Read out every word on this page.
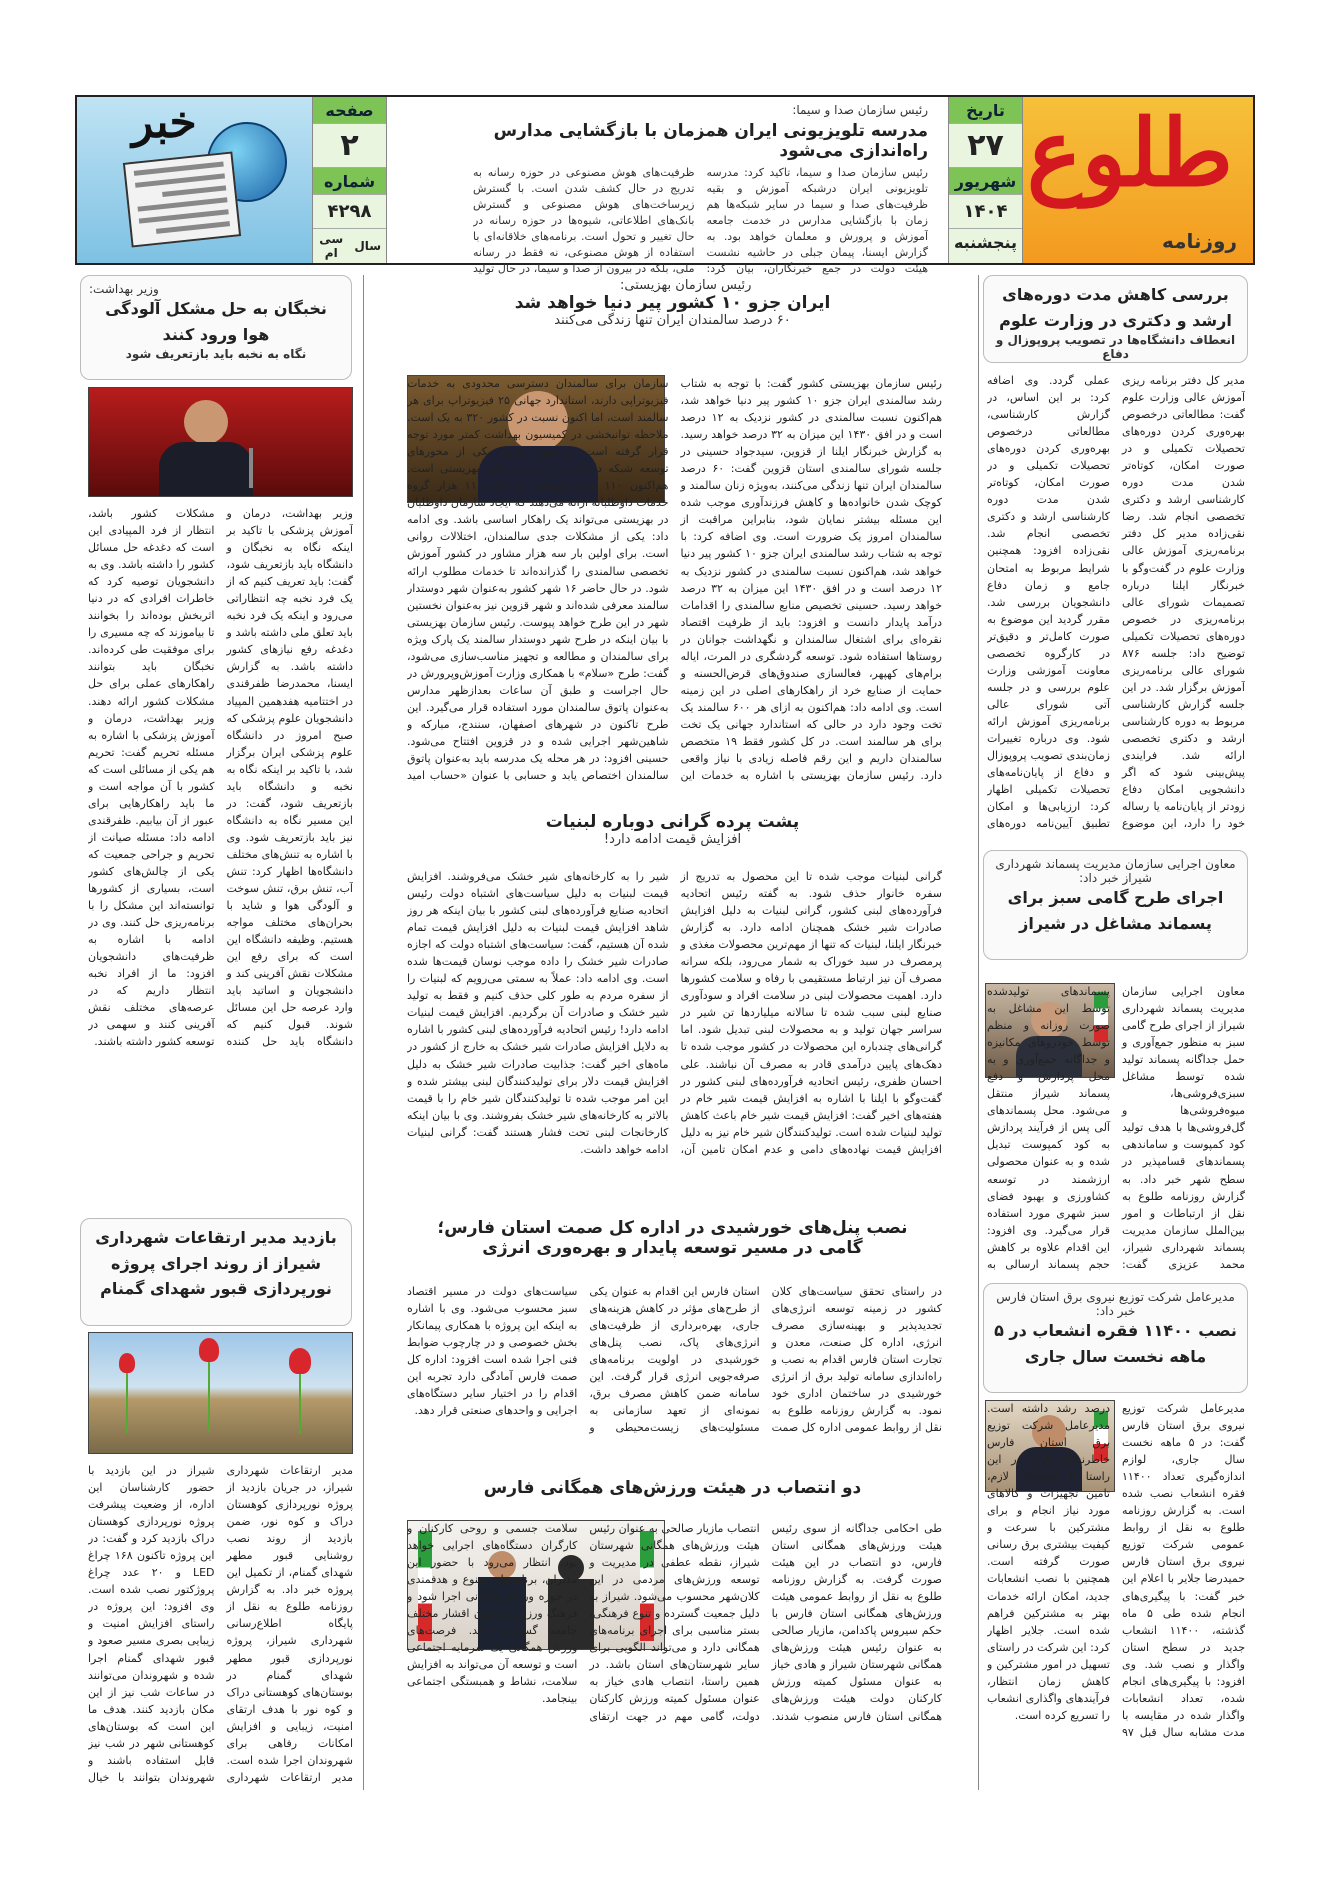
طلوع
روزنامه
تاریخ
۲۷
شهریور
۱۴۰۴
پنجشنبه
رئیس سازمان صدا و سیما:
مدرسه تلویزیونی ایران همزمان با بازگشایی مدارس راه‌اندازی می‌شود
رئیس سازمان صدا و سیما، تاکید کرد: مدرسه تلویزیونی ایران درشبکه آموزش و بقیه ظرفیت‌های صدا و سیما در سایر شبکه‌ها هم زمان با بازگشایی مدارس در خدمت جامعه آموزش و پرورش و معلمان خواهد بود. به گزارش ایسنا، پیمان جبلی در حاشیه نشست هیئت دولت در جمع خبرنگاران، بیان کرد: ظرفیت‌های هوش مصنوعی در حوزه رسانه به تدریج در حال کشف شدن است. با گسترش زیرساخت‌های هوش مصنوعی و گسترش بانک‌های اطلاعاتی، شیوه‌ها در حوزه رسانه در حال تغییر و تحول است. برنامه‌های خلاقانه‌ای با استفاده از هوش مصنوعی، نه فقط در رسانه ملی، بلکه در بیرون از صدا و سیما، در حال تولید
صفحه
۲
شماره
۴۲۹۸
سال
سی ام
خبر
بررسی کاهش مدت دوره‌های ارشد و دکتری در وزارت علوم
انعطاف دانشگاه‌ها در تصویب پروپوزال و دفاع
مدیر کل دفتر برنامه ریزی آموزش عالی وزارت علوم گفت: مطالعاتی درخصوص بهره‌وری کردن دوره‌های تحصیلات تکمیلی و در صورت امکان، کوتاه‌تر شدن مدت دوره کارشناسی ارشد و دکتری تخصصی انجام شد. رضا نقی‌زاده مدیر کل دفتر برنامه‌ریزی آموزش عالی وزارت علوم در گفت‌وگو با خبرنگار ایلنا درباره تصمیمات شورای عالی برنامه‌ریزی در خصوص دوره‌های تحصیلات تکمیلی توضیح داد: جلسه ۸۷۶ شورای عالی برنامه‌ریزی آموزش برگزار شد. در این جلسه گزارش کارشناسی مربوط به دوره کارشناسی ارشد و دکتری تخصصی ارائه شد. فرایندی پیش‌بینی شود که اگر دانشجویی امکان دفاع زودتر از پایان‌نامه یا رساله خود را دارد، این موضوع عملی گردد. وی اضافه کرد: بر این اساس، در گزارش کارشناسی، مطالعاتی درخصوص بهره‌وری کردن دوره‌های تحصیلات تکمیلی و در صورت امکان، کوتاه‌تر شدن مدت دوره کارشناسی ارشد و دکتری تخصصی انجام شد. نقی‌زاده افزود: همچنین شرایط مربوط به امتحان جامع و زمان دفاع دانشجویان بررسی شد. مقرر گردید این موضوع به صورت کامل‌تر و دقیق‌تر در کارگروه تخصصی معاونت آموزشی وزارت علوم بررسی و در جلسه آتی شورای عالی برنامه‌ریزی آموزش ارائه شود. وی درباره تغییرات زمان‌بندی تصویب پروپوزال و دفاع از پایان‌نامه‌های تحصیلات تکمیلی اظهار کرد: ارزیابی‌ها و امکان تطبیق آیین‌نامه دوره‌های
معاون اجرایی سازمان مدیریت پسماند شهرداری
شیراز خبر داد:
اجرای طرح گامی سبز برای پسماند مشاغل در شیراز
معاون اجرایی سازمان مدیریت پسماند شهرداری شیراز از اجرای طرح گامی سبز به منظور جمع‌آوری و حمل جداگانه پسماند تولید شده توسط مشاغل سبزی‌فروشی‌ها، میوه‌فروشی‌ها و گل‌فروشی‌ها با هدف تولید کود کمپوست و ساماندهی پسماندهای قسامپذیر در سطح شهر خبر داد. به گزارش روزنامه طلوع به نقل از ارتباطات و امور بین‌الملل سازمان مدیریت پسماند شهرداری شیراز، محمد عزیزی گفت: پسماندهای تولیدشده توسط این مشاغل به صورت روزانه و منظم توسط خودروهای مکانیزه و جداگانه جمع‌آوری و به محل پردازش و دفع پسماند شیراز منتقل می‌شود. محل پسماندهای آلی پس از فرآیند پردازش به کود کمپوست تبدیل شده و به عنوان محصولی ارزشمند در توسعه کشاورزی و بهبود فضای سبز شهری مورد استفاده قرار می‌گیرد. وی افزود: این اقدام علاوه بر کاهش حجم پسماند ارسالی به
مدیرعامل شرکت توزیع نیروی برق استان فارس
خبر داد:
نصب ۱۱۴۰۰ فقره انشعاب در ۵ ماهه نخست سال جاری
مدیرعامل شرکت توزیع نیروی برق استان فارس گفت: در ۵ ماهه نخست سال جاری، لوازم اندازه‌گیری تعداد ۱۱۴۰۰ فقره انشعاب نصب شده است. به گزارش روزنامه طلوع به نقل از روابط عمومی شرکت توزیع نیروی برق استان فارس حمیدرضا جلایر با اعلام این خبر گفت: با پیگیری‌های انجام شده طی ۵ ماه گذشته، ۱۱۴۰۰ انشعاب جدید در سطح استان واگذار و نصب شد. وی افزود: با پیگیری‌های انجام شده، تعداد انشعابات واگذار شده در مقایسه با مدت مشابه سال قبل ۹۷ درصد رشد داشته است. مدیرعامل شرکت توزیع برق استان فارس خاطرنشان کرد: در این راستا با هماهنگی لازم، تامین تجهیزات و کالاهای مورد نیاز انجام و برای مشترکین با سرعت و کیفیت بیشتری برق رسانی صورت گرفته است. همچنین با نصب انشعابات جدید، امکان ارائه خدمات بهتر به مشترکین فراهم شده است. جلایر اظهار کرد: این شرکت در راستای تسهیل در امور مشترکین و کاهش زمان انتظار، فرآیندهای واگذاری انشعاب را تسریع کرده است.
رئیس سازمان بهزیستی:
ایران جزو ۱۰ کشور پیر دنیا خواهد شد
۶۰ درصد سالمندان ایران تنها زندگی می‌کنند
رئیس سازمان بهزیستی کشور گفت: با توجه به شتاب رشد سالمندی ایران جزو ۱۰ کشور پیر دنیا خواهد شد، هم‌اکنون نسبت سالمندی در کشور نزدیک به ۱۲ درصد است و در افق ۱۴۳۰ این میزان به ۳۲ درصد خواهد رسید. به گزارش خبرنگار ایلنا از قزوین، سید‌جواد حسینی در جلسه شورای سالمندی استان قزوین گفت: ۶۰ درصد سالمندان ایران تنها زندگی می‌کنند، به‌ویژه زنان سالمند و کوچک شدن خانواده‌ها و کاهش فرزندآوری موجب شده این مسئله بیشتر نمایان شود، بنابراین مراقبت از سالمندان امروز یک ضرورت است. وی اضافه کرد: با توجه به شتاب رشد سالمندی ایران جزو ۱۰ کشور پیر دنیا خواهد شد، هم‌اکنون نسبت سالمندی در کشور نزدیک به ۱۲ درصد است و در افق ۱۴۳۰ این میزان به ۳۲ درصد خواهد رسید. حسینی تخصیص منابع سالمندی را اقدامات درآمد پایدار دانست و افزود: باید از ظرفیت اقتصاد نقره‌ای برای اشتغال سالمندان و نگهداشت جوانان در روستاها استفاده شود. توسعه گردشگری در المرت، ایاله برام‌های کهپهر، فعالسازی صندوق‌های قرض‌الحسنه و حمایت از صنایع خرد از راهکارهای اصلی در این زمینه است. وی ادامه داد: هم‌اکنون به ازای هر ۶۰۰ سالمند یک تخت وجود دارد در حالی که استاندارد جهانی یک تخت برای هر سالمند است. در کل کشور فقط ۱۹ متخصص سالمندان داریم و این رقم فاصله زیادی با نیاز واقعی دارد. رئیس سازمان بهزیستی با اشاره به خدمات این سازمان برای سالمندان دسترسی محدودی به خدمات فیزیوتراپی دارند، استاندارد جهانی ۲۵ فیزیوتراپ برای هر سالمند است، اما اکنون نسبت در کشور ۳۲۰ به یک است. ملاحظه توانبخشی در کمیسیون بهداشت کمتر مورد توجه قرار گرفته است. می‌شود، افزود: یکی از محورهای توسعه شبکه داوطلبان از ضرورت‌های بهزیستی است. هم‌اکنون ۱۱۰ هزار داوطلب در قالب ۱۱ هزار گروه خدمات داوطلبانه ارائه می‌دهند که ایجاد سازمان داوطلبان در بهزیستی می‌تواند یک راهکار اساسی باشد. وی ادامه داد: یکی از مشکلات جدی سالمندان، اختلالات روانی است. برای اولین بار سه هزار مشاور در کشور آموزش تخصصی سالمندی را گذرانده‌اند تا خدمات مطلوب ارائه شود. در حال حاضر ۱۶ شهر کشور به‌عنوان شهر دوستدار سالمند معرفی شده‌اند و شهر قزوین نیز به‌عنوان نخستین شهر در این طرح خواهد پیوست. رئیس سازمان بهزیستی با بیان اینکه در طرح شهر دوستدار سالمند یک پارک ویژه برای سالمندان و مطالعه و تجهیز مناسب‌سازی می‌شود، گفت: طرح «سلام» با همکاری وزارت آموزش‌وپرورش در حال اجراست و طبق آن ساعات بعدازظهر مدارس به‌عنوان پاتوق سالمندان مورد استفاده قرار می‌گیرد. این طرح تاکنون در شهرهای اصفهان، سنندج، مبارکه و شاهین‌شهر اجرایی شده و در قزوین افتتاح می‌شود. حسینی افزود: در هر محله یک مدرسه باید به‌عنوان پاتوق سالمندان اختصاص یابد و حسابی با عنوان «حساب امید
پشت پرده گرانی دوباره لبنیات
افزایش قیمت ادامه دارد!
گرانی لبنیات موجب شده تا این محصول به تدریج از سفره خانوار حذف شود. به گفته رئیس اتحادیه فرآورده‌های لبنی کشور، گرانی لبنیات به دلیل افزایش صادرات شیر خشک همچنان ادامه دارد. به گزارش خبرنگار ایلنا، لبنیات که تنها از مهم‌ترین محصولات مغذی و پرمصرف در سبد خوراک به شمار می‌رود، بلکه سرانه مصرف آن نیز ارتباط مستقیمی با رفاه و سلامت کشورها دارد. اهمیت محصولات لبنی در سلامت افراد و سودآوری صنایع لبنی سبب شده تا سالانه میلیاردها تن شیر در سراسر جهان تولید و به محصولات لبنی تبدیل شود. اما گرانی‌های چندباره این محصولات در کشور موجب شده تا دهک‌های پایین درآمدی قادر به مصرف آن نباشند. علی احسان ظفری، رئیس اتحادیه فرآورده‌های لبنی کشور در گفت‌وگو با ایلنا با اشاره به افزایش قیمت شیر خام در هفته‌های اخیر گفت: افزایش قیمت شیر خام باعث کاهش تولید لبنیات شده است. تولیدکنندگان شیر خام نیز به دلیل افزایش قیمت نهاده‌های دامی و عدم امکان تامین آن، شیر را به کارخانه‌های شیر خشک می‌فروشند. افزایش قیمت لبنیات به دلیل سیاست‌های اشتباه دولت رئیس اتحادیه صنایع فرآورده‌های لبنی کشور با بیان اینکه هر روز شاهد افزایش قیمت لبنیات به دلیل افزایش قیمت تمام شده آن هستیم، گفت: سیاست‌های اشتباه دولت که اجازه صادرات شیر خشک را داده موجب نوسان قیمت‌ها شده است. وی ادامه داد: عملاً به سمتی می‌رویم که لبنیات را از سفره مردم به طور کلی حذف کنیم و فقط به تولید شیر خشک و صادرات آن برگردیم. افزایش قیمت لبنیات ادامه دارد! رئیس اتحادیه فرآورده‌های لبنی کشور با اشاره به دلایل افزایش صادرات شیر خشک به خارج از کشور در ماه‌های اخیر گفت: جذابیت صادرات شیر خشک به دلیل افزایش قیمت دلار برای تولیدکنندگان لبنی بیشتر شده و این امر موجب شده تا تولیدکنندگان شیر خام را با قیمت بالاتر به کارخانه‌های شیر خشک بفروشند. وی با بیان اینکه کارخانجات لبنی تحت فشار هستند گفت: گرانی لبنیات ادامه خواهد داشت.
نصب پنل‌های خورشیدی در اداره کل صمت استان فارس؛
گامی در مسیر توسعه پایدار و بهره‌وری انرژی
در راستای تحقق سیاست‌های کلان کشور در زمینه توسعه انرژی‌های تجدیدپذیر و بهینه‌سازی مصرف انرژی، اداره کل صنعت، معدن و تجارت استان فارس اقدام به نصب و راه‌اندازی سامانه تولید برق از انرژی خورشیدی در ساختمان اداری خود نمود. به گزارش روزنامه طلوع به نقل از روابط عمومی اداره کل صمت استان فارس این اقدام به عنوان یکی از طرح‌های مؤثر در کاهش هزینه‌های جاری، بهره‌برداری از ظرفیت‌های انرژی‌های پاک، نصب پنل‌های خورشیدی در اولویت برنامه‌های صرفه‌جویی انرژی قرار گرفت. این سامانه ضمن کاهش مصرف برق، نمونه‌ای از تعهد سازمانی به مسئولیت‌های زیست‌محیطی و سیاست‌های دولت در مسیر اقتصاد سبز محسوب می‌شود. وی با اشاره به اینکه این پروژه با همکاری پیمانکار بخش خصوصی و در چارچوب ضوابط فنی اجرا شده است افزود: اداره کل صمت فارس آمادگی دارد تجربه این اقدام را در اختیار سایر دستگاه‌های اجرایی و واحدهای صنعتی قرار دهد.
دو انتصاب در هیئت ورزش‌های همگانی فارس
طی احکامی جداگانه از سوی رئیس هیئت ورزش‌های همگانی استان فارس، دو انتصاب در این هیئت صورت گرفت. به گزارش روزنامه طلوع به نقل از روابط عمومی هیئت ورزش‌های همگانی استان فارس با حکم سیروس پاکدامن، مازیار صالحی به عنوان رئیس هیئت ورزش‌های همگانی شهرستان شیراز و هادی خیاز به عنوان مسئول کمیته ورزش کارکنان دولت هیئت ورزش‌های همگانی استان فارس منصوب شدند. انتصاب مازیار صالحی به عنوان رئیس هیئت ورزش‌های همگانی شهرستان شیراز، نقطه عطفی در مدیریت و توسعه ورزش‌های مردمی در این کلان‌شهر محسوب می‌شود. شیراز به دلیل جمعیت گسترده و تنوع فرهنگی، بستر مناسبی برای اجرای برنامه‌های همگانی دارد و می‌تواند الگویی برای سایر شهرستان‌های استان باشد. در همین راستا، انتصاب هادی خیاز به عنوان مسئول کمیته ورزش کارکنان دولت، گامی مهم در جهت ارتقای سلامت جسمی و روحی کارکنان و کارگران دستگاه‌های اجرایی خواهد بود. انتظار می‌رود با حضور این مدیران، برنامه‌های متنوع و هدفمندی در حوزه ورزش همگانی اجرا شود و فرهنگ ورزش در میان اقشار مختلف جامعه گسترش یابد. فرصت‌های ورزش همگانی یک سرمایه اجتماعی است و توسعه آن می‌تواند به افزایش سلامت، نشاط و همبستگی اجتماعی بینجامد.
وزیر بهداشت:
نخبگان به حل مشکل آلودگی هوا ورود کنند
نگاه به نخبه باید بازتعریف شود
وزیر بهداشت، درمان و آموزش پزشکی با تاکید بر اینکه نگاه به نخبگان و دانشگاه باید بازتعریف شود، گفت: باید تعریف کنیم که از یک فرد نخبه چه انتظاراتی می‌رود و اینکه یک فرد نخبه باید تعلق ملی داشته باشد و دغدغه رفع نیازهای کشور داشته باشد. به گزارش ایسنا، محمدرضا ظفرقندی در اختتامیه هفدهمین المپیاد دانشجویان علوم پزشکی که صبح امروز در دانشگاه علوم پزشکی ایران برگزار شد، با تاکید بر اینکه نگاه به نخبه و دانشگاه باید بازتعریف شود، گفت: در این مسیر نگاه به دانشگاه نیز باید بازتعریف شود. وی با اشاره به تنش‌های مختلف دانشگاه‌ها اظهار کرد: تنش آب، تنش برق، تنش سوخت و آلودگی هوا و شاید با بحران‌های مختلف مواجه هستیم. وظیفه دانشگاه این است که برای رفع این مشکلات نقش آفرینی کند و دانشجویان و اساتید باید وارد عرصه حل این مسائل شوند. قبول کنیم که دانشگاه باید حل کننده مشکلات کشور باشد، انتظار از فرد المپیادی این است که دغدغه حل مسائل کشور را داشته باشد. وی به دانشجویان توصیه کرد که خاطرات افرادی که در دنیا اثربخش بوده‌اند را بخوانند تا بیاموزند که چه مسیری را برای موفقیت طی کرده‌اند. نخبگان باید بتوانند راهکارهای عملی برای حل مشکلات کشور ارائه دهند. وزیر بهداشت، درمان و آموزش پزشکی با اشاره به مسئله تحریم گفت: تحریم هم یکی از مسائلی است که کشور با آن مواجه است و ما باید راهکارهایی برای عبور از آن بیابیم. ظفرقندی ادامه داد: مسئله صیانت از تحریم و جراحی جمعیت که یکی از چالش‌های کشور است، بسیاری از کشورها توانسته‌اند این مشکل را با برنامه‌ریزی حل کنند. وی در ادامه با اشاره به ظرفیت‌های دانشجویان افزود: ما از افراد نخبه انتظار داریم که در عرصه‌های مختلف نقش آفرینی کنند و سهمی در توسعه کشور داشته باشند.
بازدید مدیر ارتقاعات شهرداری شیراز از روند اجرای پروژه نورپردازی قبور شهدای گمنام
مدیر ارتقاعات شهرداری شیراز، در جریان بازدید از پروژه نورپردازی کوهستان دراک و کوه نور، ضمن بازدید از روند نصب روشنایی قبور مطهر شهدای گمنام، از تکمیل این پروژه خبر داد. به گزارش روزنامه طلوع به نقل از پایگاه اطلاع‌رسانی شهرداری شیراز، پروژه نورپردازی قبور مطهر شهدای گمنام در بوستان‌های کوهستانی دراک و کوه نور با هدف ارتقای امنیت، زیبایی و افزایش امکانات رفاهی برای شهروندان اجرا شده است. مدیر ارتقاعات شهرداری شیراز در این بازدید با حضور کارشناسان این اداره، از وضعیت پیشرفت پروژه نورپردازی کوهستان دراک بازدید کرد و گفت: در این پروژه تاکنون ۱۶۸ چراغ LED و ۲۰ عدد چراغ پروژکتور نصب شده است. وی افزود: این پروژه در راستای افزایش امنیت و زیبایی بصری مسیر صعود و قبور شهدای گمنام اجرا شده و شهروندان می‌توانند در ساعات شب نیز از این مکان بازدید کنند. هدف ما این است که بوستان‌های کوهستانی شهر در شب نیز قابل استفاده باشند و شهروندان بتوانند با خیال
